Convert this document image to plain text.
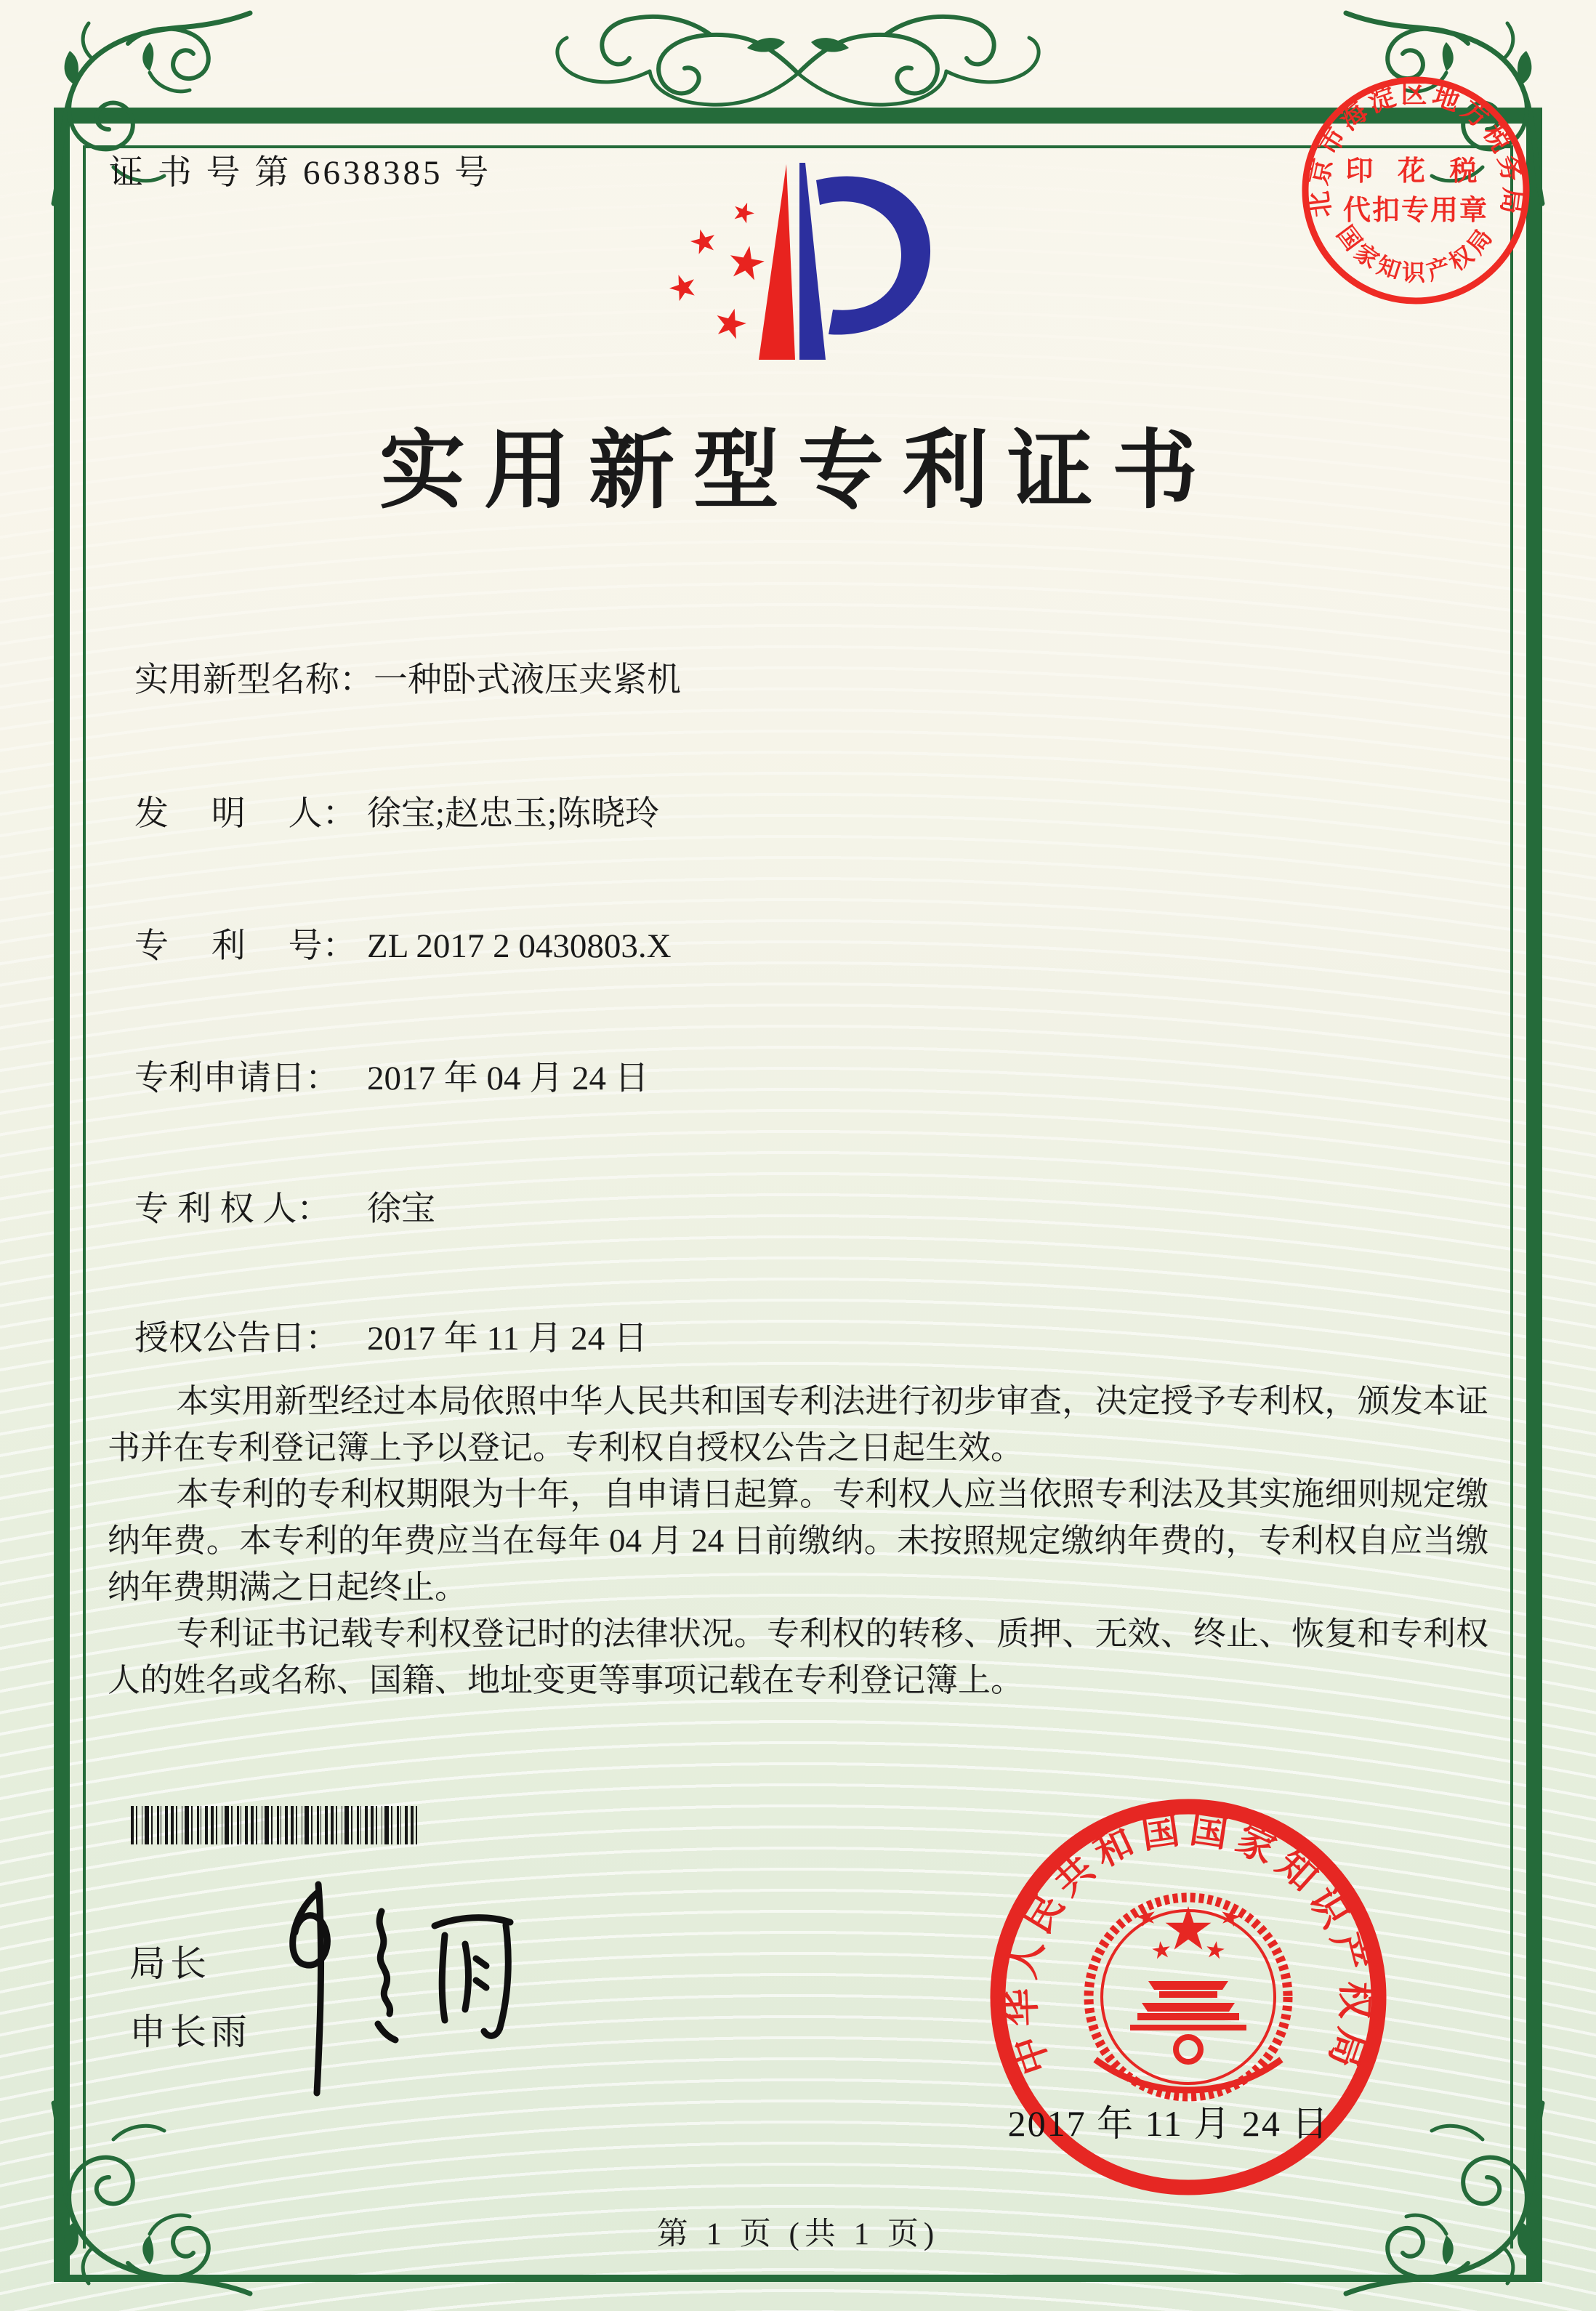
证 书 号 第 6638385 号
北京市海淀区地方税务局
印 花 税
代扣专用章
国家知识产权局
实用新型专利证书
实用新型名称：一种卧式液压夹紧机
发　 明　 人： 徐宝;赵忠玉;陈晓玲
专　 利　 号： ZL 2017 2 0430803.X
专利申请日： 2017 年 04 月 24 日
专 利 权 人： 徐宝
授权公告日： 2017 年 11 月 24 日

本实用新型经过本局依照中华人民共和国专利法进行初步审查，决定授予专利权，颁发本证书并在专利登记簿上予以登记。专利权自授权公告之日起生效。

本专利的专利权期限为十年，自申请日起算。专利权人应当依照专利法及其实施细则规定缴纳年费。本专利的年费应当在每年 04 月 24 日前缴纳。未按照规定缴纳年费的，专利权自应当缴纳年费期满之日起终止。

专利证书记载专利权登记时的法律状况。专利权的转移、质押、无效、终止、恢复和专利权人的姓名或名称、国籍、地址变更等事项记载在专利登记簿上。

局长
申长雨	中华人民共和国国家知识产权局
2017 年 11 月 24 日
第 1 页 (共 1 页)
